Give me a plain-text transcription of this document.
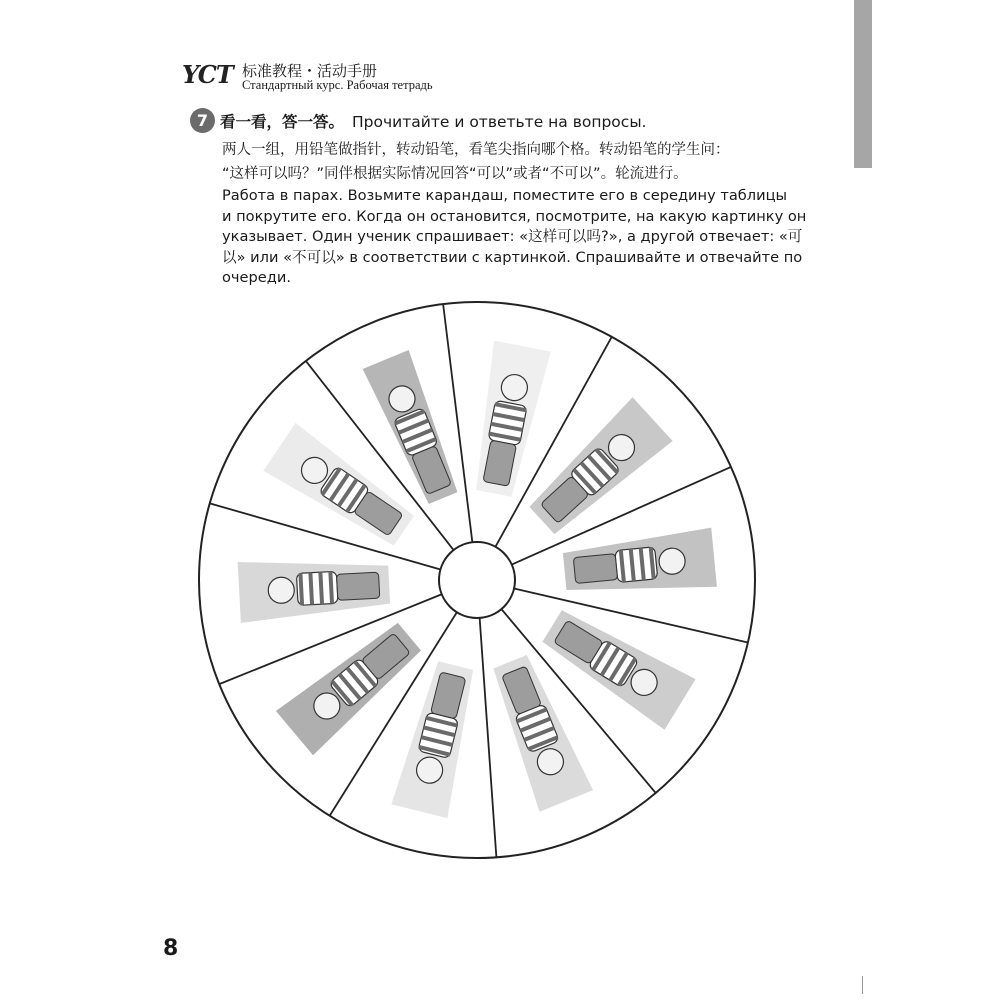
YCT 标准教程・活动手册
Стандартный курс. Рабочая тетрадь
7 看一看，答一答。 Прочитайте и ответьте на вопросы.
两人一组，用铅笔做指针，转动铅笔，看笔尖指向哪个格。转动铅笔的学生问：
“这样可以吗？”同伴根据实际情况回答“可以”或者“不可以”。轮流进行。
Работа в парах. Возьмите карандаш, поместите его в середину таблицы
и покрутите его. Когда он остановится, посмотрите, на какую картинку он
указывает. Один ученик спрашивает: «这样可以吗?», а другой отвечает: «可
以» или «不可以» в соответствии с картинкой. Спрашивайте и отвечайте по
очереди.
8
